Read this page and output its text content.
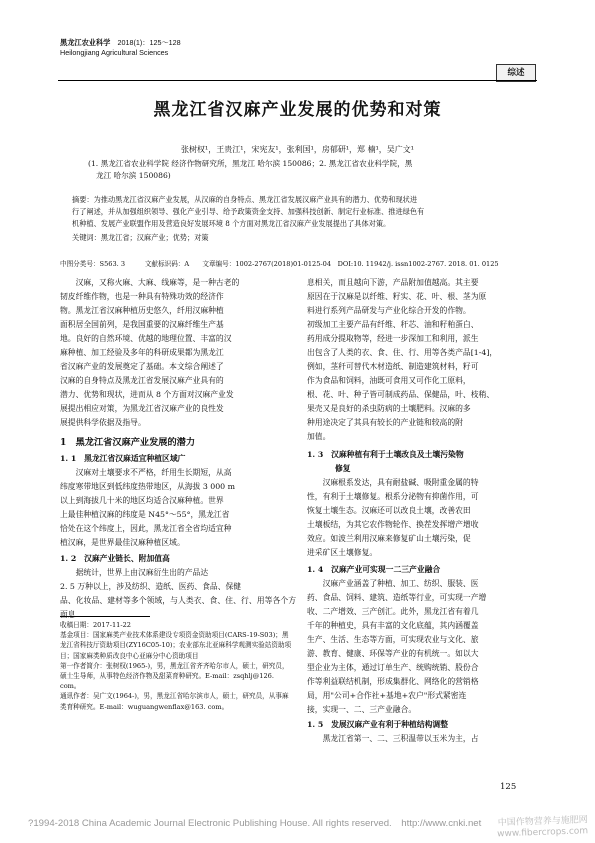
黑龙江农业科学　 2018(1)：125～128
Heilongjiang Agricultural Sciences
综述
黑龙江省汉麻产业发展的优势和对策
张树权¹，王贵江¹，宋宪友¹，张利国¹，房郁研¹，郑 楠¹，吴广文¹
(1. 黑龙江省农业科学院 经济作物研究所，黑龙江 哈尔滨 150086；2. 黑龙江省农业科学院，黑
龙江 哈尔滨 150086)
摘要：为推动黑龙江省汉麻产业发展，从汉麻的自身特点、黑龙江省发展汉麻产业具有的潜力、优势和现状进
行了阐述，并从加强组织领导、强化产业引导、给予政策资金支持、加强科技创新、制定行业标准、推进绿色有
机种植、发展产业联盟作用及营造良好发展环境 8 个方面对黑龙江省汉麻产业发展提出了具体对策。
关键词：黑龙江省；汉麻产业；优势；对策
中图分类号：S563. 3　　　文献标识码：A　　文章编号：1002-2767(2018)01-0125-04　DOI:10. 11942/j. issn1002-2767. 2018. 01. 0125
　　汉麻，又称火麻、大麻、线麻等，是一种古老的
韧皮纤维作物，也是一种具有特殊功效的经济作
物。黑龙江省汉麻种植历史悠久，纤用汉麻种植
面积居全国前列，是我国重要的汉麻纤维生产基
地。良好的自然环境、优越的地理位置、丰富的汉
麻种植、加工经验及多年的科研成果都为黑龙江
省汉麻产业的发展奠定了基础。本文综合阐述了
汉麻的自身特点及黑龙江省发展汉麻产业具有的
潜力、优势和现状，进而从 8 个方面对汉麻产业发
展提出相应对策，为黑龙江省汉麻产业的良性发
展提供科学依据及指导。
1　黑龙江省汉麻产业发展的潜力
1. 1　黑龙江省汉麻适宜种植区域广
　　汉麻对土壤要求不严格，纤用生长期短，从高
纬度寒带地区到低纬度热带地区，从海拔 3 000 m
以上到海拔几十米的地区均适合汉麻种植。世界
上最佳种植汉麻的纬度是 N45°～55°，黑龙江省
恰处在这个纬度上，因此，黑龙江省全省均适宜种
植汉麻，是世界最佳汉麻种植区域。
1. 2　汉麻产业链长、附加值高
　　据统计，世界上由汉麻衍生出的产品达
2. 5 万种以上，涉及纺织、造纸、医药、食品、保健
品、化妆品、建材等多个领域，与人类衣、食、住、行、用等各个方面息
收稿日期：2017-11-22
基金项目：国家麻类产业技术体系建设专项资金资助项目(CARS-19-S03)；黑龙江省科技厅资助项目(ZY16C05-10)；农业部东北亚麻科学观测实验站资助项目；国家麻类种质改良中心亚麻分中心资助项目
第一作者简介：张树权(1965-)，男，黑龙江省齐齐哈尔市人，硕士，研究员，硕士生导师，从事特色经济作物及甜菜育种研究。E-mail：zsqhlj@126. com。
通讯作者：吴广文(1964-)，男，黑龙江省哈尔滨市人，硕士，研究员，从事麻类育种研究。E-mail：wuguangwenflax@163. com。
息相关，而且越向下游，产品附加值越高。其主要
原因在于汉麻是以纤维、籽实、花、叶、根、茎为原
料进行系列产品研发与产业化综合开发的作物。
初级加工主要产品有纤维、秆芯、油和籽粕蛋白、
药用成分提取物等，经进一步深加工和利用，派生
出包含了人类的衣、食、住、行、用等各类产品[1-4]，
例如，茎秆可替代木材造纸、制造建筑材料，籽可
作为食品和饲料，油既可食用又可作化工原料，
根、花、叶、种子皆可制成药品、保健品，叶、枝稍、
果壳又是良好的杀虫防病的土壤肥料。汉麻的多
种用途决定了其具有较长的产业链和较高的附
加值。
1. 3　汉麻种植有利于土壤改良及土壤污染物
修复
　　汉麻根系发达，具有耐盐碱、吸附重金属的特
性，有利于土壤修复。根系分泌物有抑菌作用，可
恢复土壤生态。汉麻还可以改良土壤，改善农田
土壤板结，为其它农作物轮作、换茬发挥增产增收
效应。如波兰利用汉麻来修复矿山土壤污染，促
进采矿区土壤修复。
1. 4　汉麻产业可实现一二三产业融合
　　汉麻产业涵盖了种植、加工、纺织、服装、医
药、食品、饲料、建筑、造纸等行业，可实现一产增
收、二产增效、三产创汇。此外，黑龙江省有着几
千年的种植史，具有丰富的文化底蕴，其内涵覆盖
生产、生活、生态等方面，可实现农业与文化、旅
游、教育、健康、环保等产业的有机统一。如以大
型企业为主体，通过订单生产、统购统销、股份合
作等利益联结机制，形成集群化、网络化的营销格
局，用"公司+合作社+基地+农户"形式紧密连
接，实现一、二、三产业融合。
1. 5　发展汉麻产业有利于种植结构调整
　　黑龙江省第一、二、三积温带以玉米为主，占
125
?1994-2018 China Academic Journal Electronic Publishing House. All rights reserved.　http://www.cnki.net	中国作物营养与施肥网 www.fibercrops.com
